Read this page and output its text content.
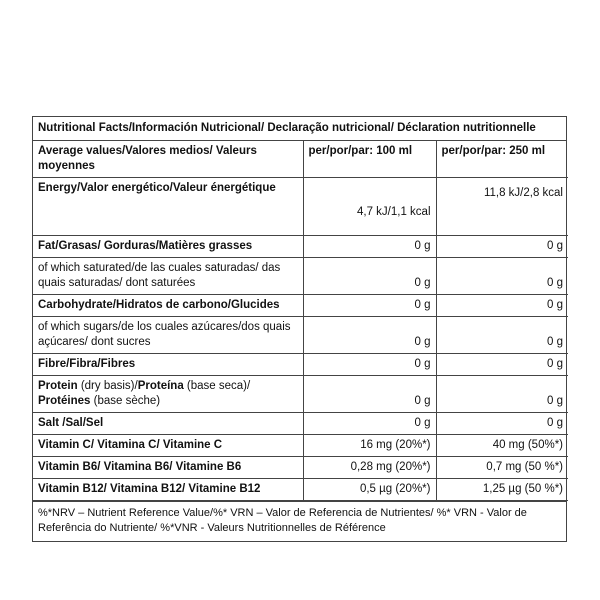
Nutritional Facts/Información Nutricional/ Declaração nutricional/ Déclaration nutritionnelle
Average values/Valores medios/ Valeurs moyennes	per/por/par: 100 ml	per/por/par: 250 ml
Energy/Valor energético/Valeur énergétique	4,7 kJ/1,1 kcal	11,8 kJ/2,8 kcal
Fat/Grasas/ Gorduras/Matières grasses	0 g	0 g
of which saturated/de las cuales saturadas/ das quais saturadas/ dont saturées	0 g	0 g
Carbohydrate/Hidratos de carbono/Glucides	0 g	0 g
of which sugars/de los cuales azúcares/dos quais açúcares/ dont sucres	0 g	0 g
Fibre/Fibra/Fibres	0 g	0 g
Protein (dry basis)/Proteína (base seca)/ Protéines (base sèche)	0 g	0 g
Salt /Sal/Sel	0 g	0 g
Vitamin C/ Vitamina C/ Vitamine C	16 mg (20%*)	40 mg (50%*)
Vitamin B6/ Vitamina B6/ Vitamine B6	0,28 mg (20%*)	0,7 mg (50 %*)
Vitamin B12/ Vitamina B12/ Vitamine B12	0,5 µg (20%*)	1,25 µg (50 %*)
%*NRV – Nutrient Reference Value/%* VRN – Valor de Referencia de Nutrientes/ %* VRN - Valor de Referência do Nutriente/ %*VNR - Valeurs Nutritionnelles de Référence
